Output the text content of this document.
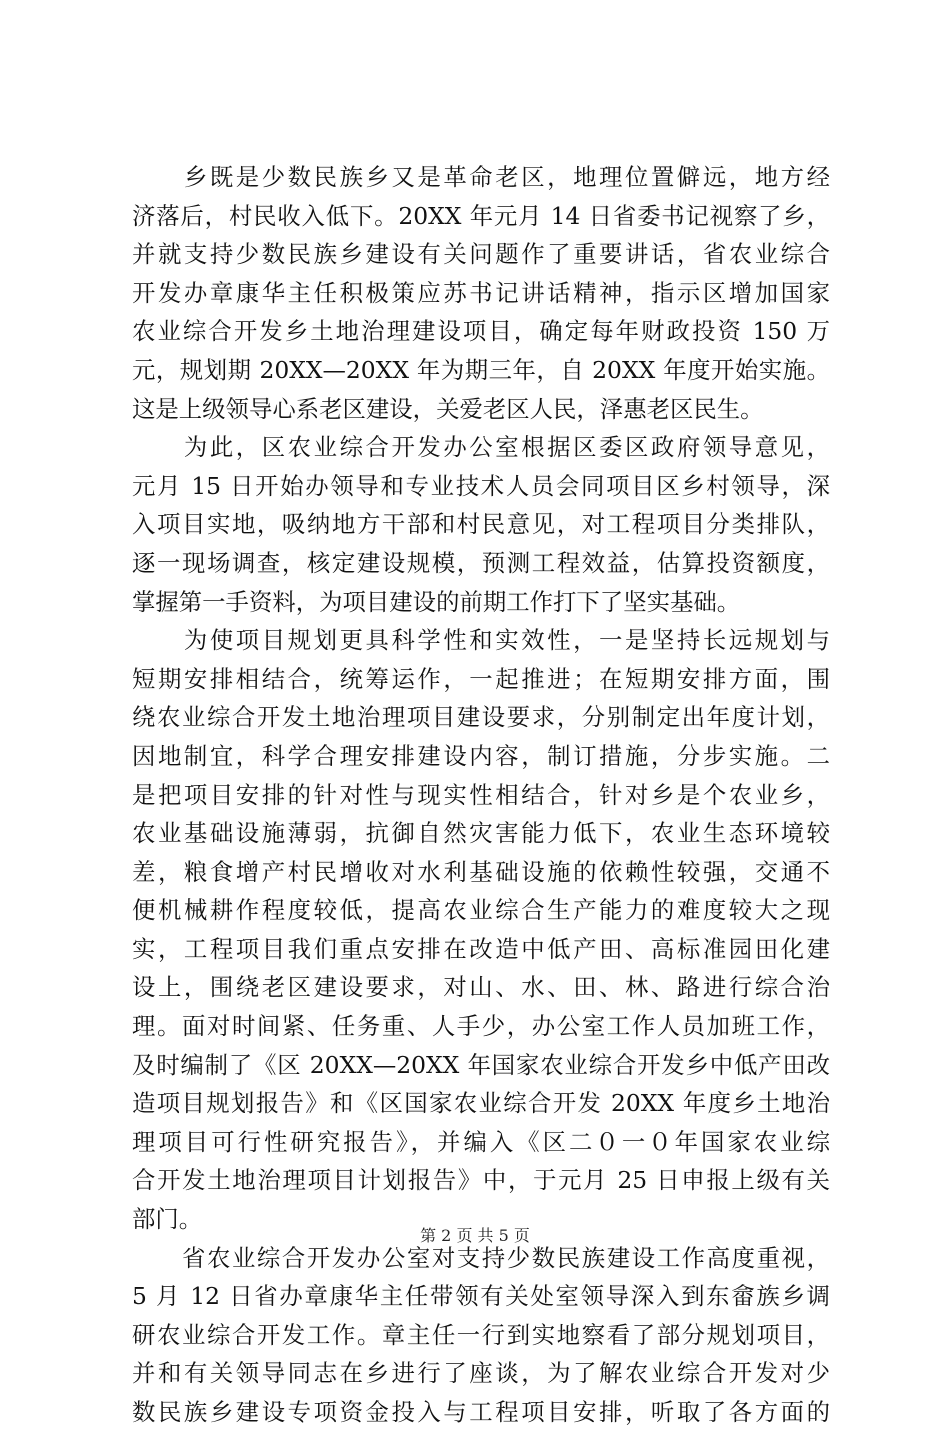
　　乡既是少数民族乡又是革命老区，地理位置僻远，地方经
济落后，村民收入低下。20XX 年元月 14 日省委书记视察了乡，
并就支持少数民族乡建设有关问题作了重要讲话，省农业综合
开发办章康华主任积极策应苏书记讲话精神，指示区增加国家
农业综合开发乡土地治理建设项目，确定每年财政投资 150 万
元，规划期 20XX—20XX 年为期三年，自 20XX 年度开始实施。
这是上级领导心系老区建设，关爱老区人民，泽惠老区民生。
　　为此，区农业综合开发办公室根据区委区政府领导意见，
元月 15 日开始办领导和专业技术人员会同项目区乡村领导，深
入项目实地，吸纳地方干部和村民意见，对工程项目分类排队，
逐一现场调查，核定建设规模，预测工程效益，估算投资额度，
掌握第一手资料，为项目建设的前期工作打下了坚实基础。
　　为使项目规划更具科学性和实效性，一是坚持长远规划与
短期安排相结合，统筹运作，一起推进；在短期安排方面，围
绕农业综合开发土地治理项目建设要求，分别制定出年度计划，
因地制宜，科学合理安排建设内容，制订措施，分步实施。二
是把项目安排的针对性与现实性相结合，针对乡是个农业乡，
农业基础设施薄弱，抗御自然灾害能力低下，农业生态环境较
差，粮食增产村民增收对水利基础设施的依赖性较强，交通不
便机械耕作程度较低，提高农业综合生产能力的难度较大之现
实，工程项目我们重点安排在改造中低产田、高标准园田化建
设上，围绕老区建设要求，对山、水、田、林、路进行综合治
理。面对时间紧、任务重、人手少，办公室工作人员加班工作，
及时编制了《区 20XX—20XX 年国家农业综合开发乡中低产田改
造项目规划报告》和《区国家农业综合开发 20XX 年度乡土地治
理项目可行性研究报告》，并编入《区二０一０年国家农业综
合开发土地治理项目计划报告》中，于元月 25 日申报上级有关
部门。
　　省农业综合开发办公室对支持少数民族建设工作高度重视，
5 月 12 日省办章康华主任带领有关处室领导深入到东畲族乡调
研农业综合开发工作。章主任一行到实地察看了部分规划项目，
并和有关领导同志在乡进行了座谈，为了解农业综合开发对少
数民族乡建设专项资金投入与工程项目安排，听取了各方面的
第 2 页 共 5 页
